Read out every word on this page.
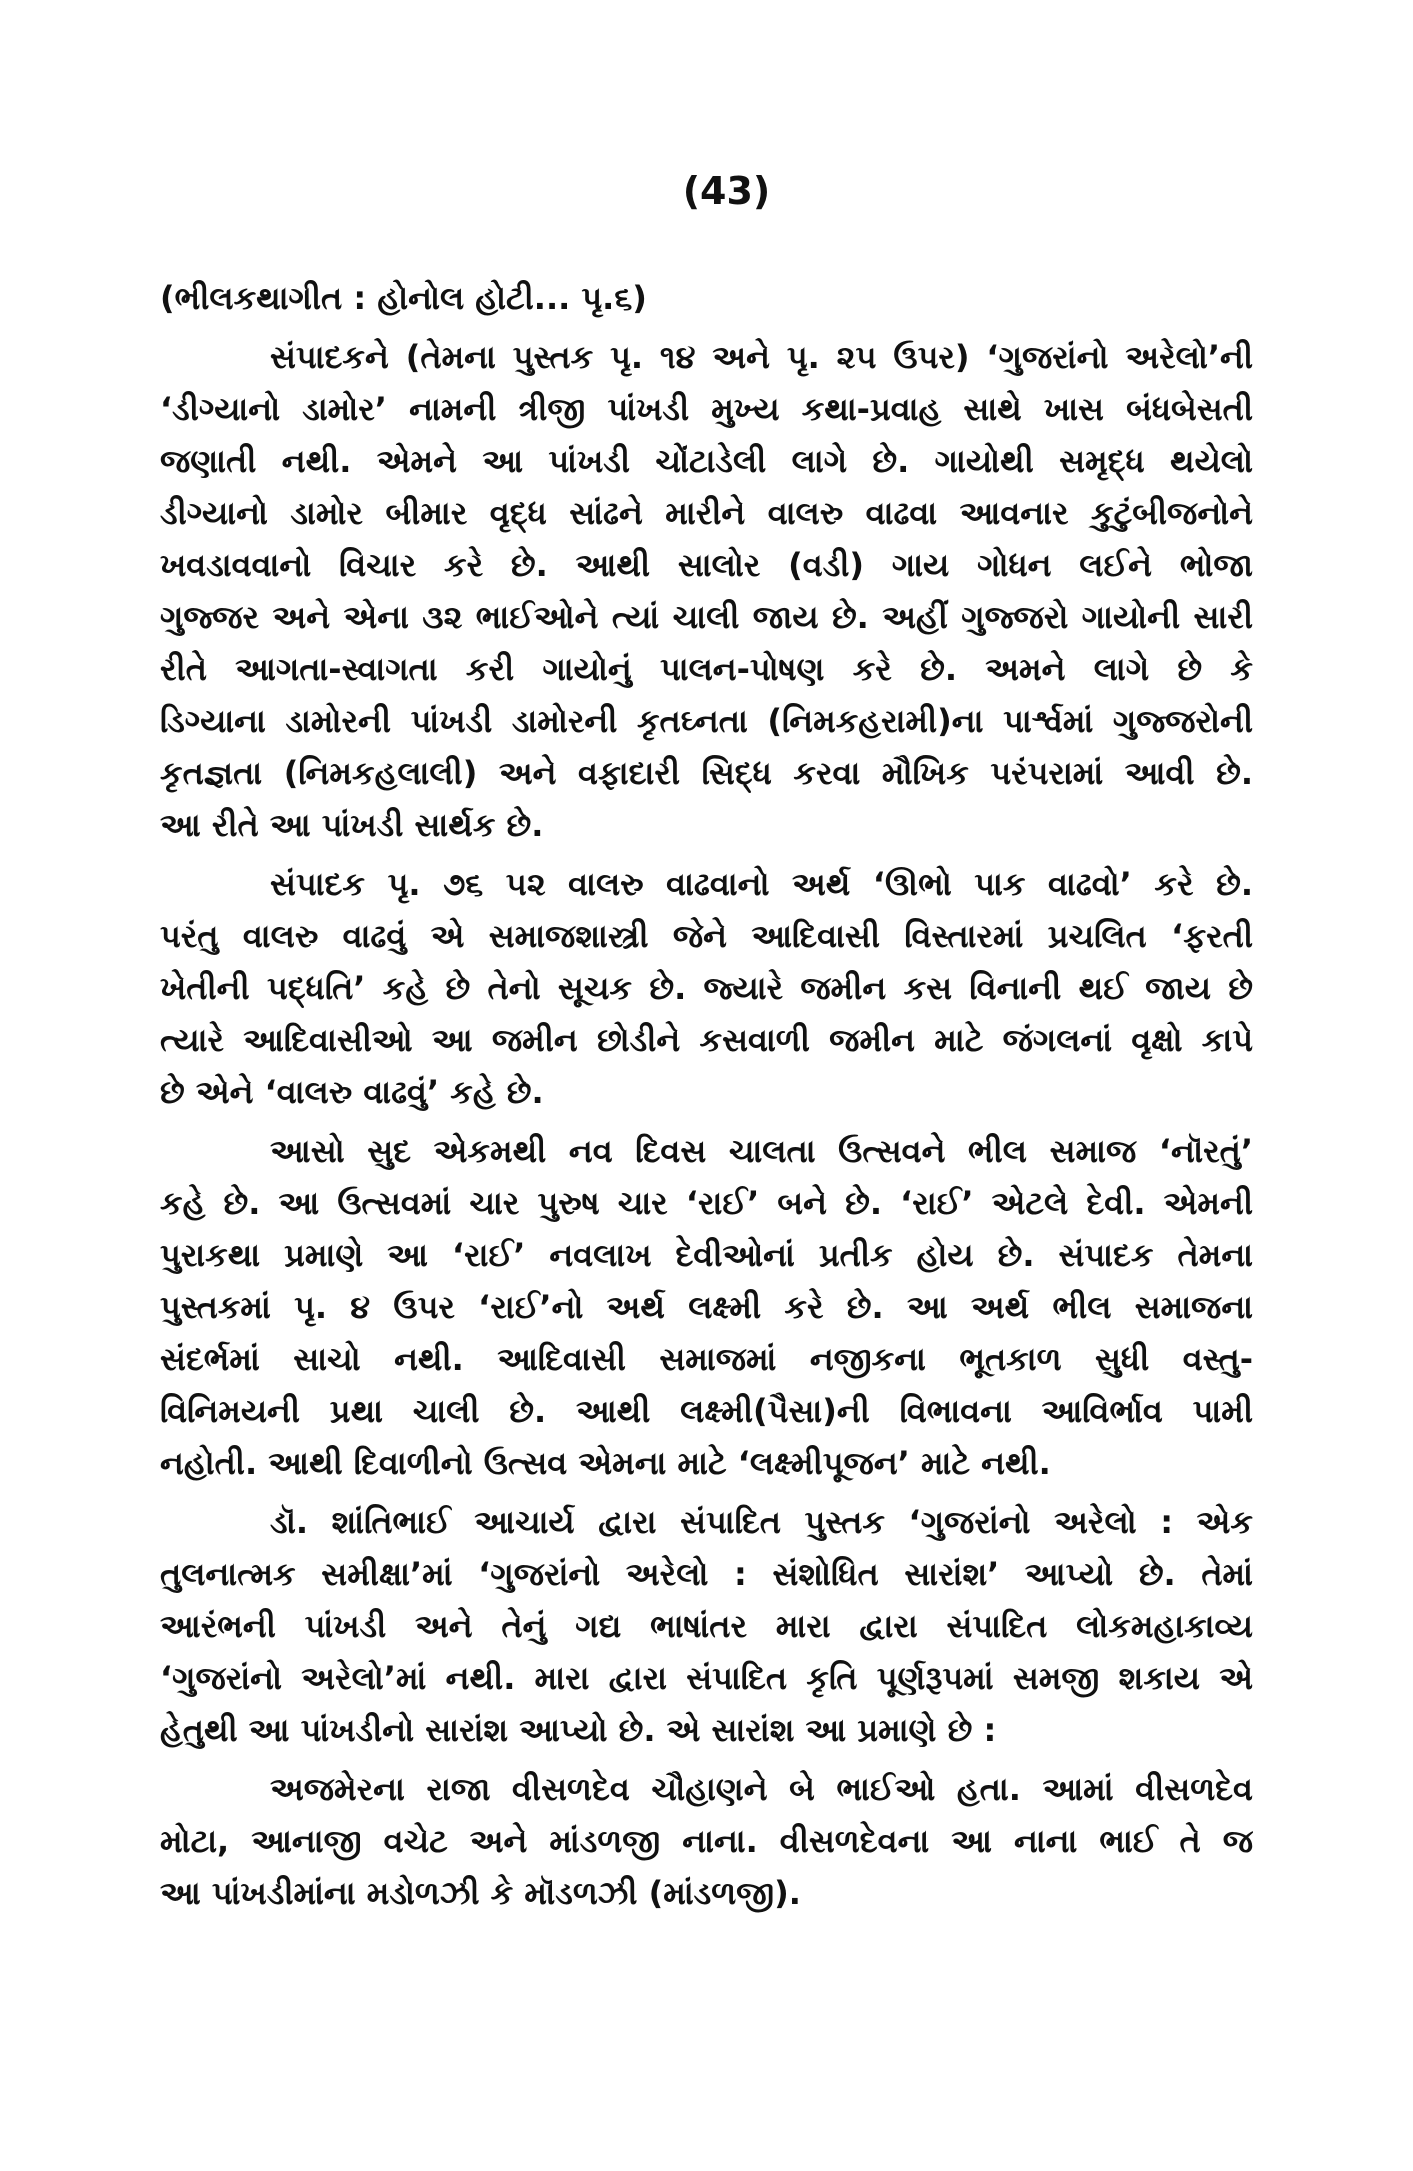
(43)
(ભીલકથાગીત : હોનોલ હોટી... પૃ.૬)
સંપાદકને (તેમના પુસ્તક પૃ. ૧૪ અને પૃ. ૨૫ ઉપર) ‘ગુજરાંનો અરેલો’ની
‘ડીગ્યાનો ડામોર’ નામની ત્રીજી પાંખડી મુખ્ય કથા-પ્રવાહ સાથે ખાસ બંધબેસતી
જણાતી નથી. એમને આ પાંખડી ચોંટાડેલી લાગે છે. ગાયોથી સમૃદ્ધ થયેલો
ડીગ્યાનો ડામોર બીમાર વૃદ્ધ સાંઢને મારીને વાલરુ વાઢવા આવનાર કુટુંબીજનોને
ખવડાવવાનો વિચાર કરે છે. આથી સાલોર (વડી) ગાય ગોધન લઈને ભોજા
ગુજ્જર અને એના ૩૨ ભાઈઓને ત્યાં ચાલી જાય છે. અહીં ગુજ્જરો ગાયોની સારી
રીતે આગતા-સ્વાગતા કરી ગાયોનું પાલન-પોષણ કરે છે. અમને લાગે છે કે
ડિગ્યાના ડામોરની પાંખડી ડામોરની કૃતઘ્નતા (નિમકહરામી)ના પાર્શ્વમાં ગુજ્જરોની
કૃતજ્ઞતા (નિમકહલાલી) અને વફાદારી સિદ્ધ કરવા મૌખિક પરંપરામાં આવી છે.
આ રીતે આ પાંખડી સાર્થક છે.
સંપાદક પૃ. ૭૬ ૫૨ વાલરુ વાઢવાનો અર્થ ‘ઊભો પાક વાઢવો’ કરે છે.
પરંતુ વાલરુ વાઢવું એ સમાજશાસ્ત્રી જેને આદિવાસી વિસ્તારમાં પ્રચલિત ‘ફરતી
ખેતીની પદ્ધતિ’ કહે છે તેનો સૂચક છે. જ્યારે જમીન કસ વિનાની થઈ જાય છે
ત્યારે આદિવાસીઓ આ જમીન છોડીને કસવાળી જમીન માટે જંગલનાં વૃક્ષો કાપે
છે એને ‘વાલરુ વાઢવું’ કહે છે.
આસો સુદ એકમથી નવ દિવસ ચાલતા ઉત્સવને ભીલ સમાજ ‘નૉરતું’
કહે છે. આ ઉત્સવમાં ચાર પુરુષ ચાર ‘રાઈ’ બને છે. ‘રાઈ’ એટલે દેવી. એમની
પુરાકથા પ્રમાણે આ ‘રાઈ’ નવલાખ દેવીઓનાં પ્રતીક હોય છે. સંપાદક તેમના
પુસ્તકમાં પૃ. ૪ ઉપર ‘રાઈ’નો અર્થ લક્ષ્મી કરે છે. આ અર્થ ભીલ સમાજના
સંદર્ભમાં સાચો નથી. આદિવાસી સમાજમાં નજીકના ભૂતકાળ સુધી વસ્તુ-
વિનિમયની પ્રથા ચાલી છે. આથી લક્ષ્મી(પૈસા)ની વિભાવના આવિર્ભાવ પામી
નહોતી. આથી દિવાળીનો ઉત્સવ એમના માટે ‘લક્ષ્મીપૂજન’ માટે નથી.
ડૉ. શાંતિભાઈ આચાર્ય દ્વારા સંપાદિત પુસ્તક ‘ગુજરાંનો અરેલો : એક
તુલનાત્મક સમીક્ષા’માં ‘ગુજરાંનો અરેલો : સંશોધિત સારાંશ’ આપ્યો છે. તેમાં
આરંભની પાંખડી અને તેનું ગદ્ય ભાષાંતર મારા દ્વારા સંપાદિત લોકમહાકાવ્ય
‘ગુજરાંનો અરેલો’માં નથી. મારા દ્વારા સંપાદિત કૃતિ પૂર્ણરૂપમાં સમજી શકાય એ
હેતુથી આ પાંખડીનો સારાંશ આપ્યો છે. એ સારાંશ આ પ્રમાણે છે :
અજમેરના રાજા વીસળદેવ ચૌહાણને બે ભાઈઓ હતા. આમાં વીસળદેવ
મોટા, આનાજી વચેટ અને માંડળજી નાના. વીસળદેવના આ નાના ભાઈ તે જ
આ પાંખડીમાંના મડોળઝી કે મૉડળઝી (માંડળજી).
